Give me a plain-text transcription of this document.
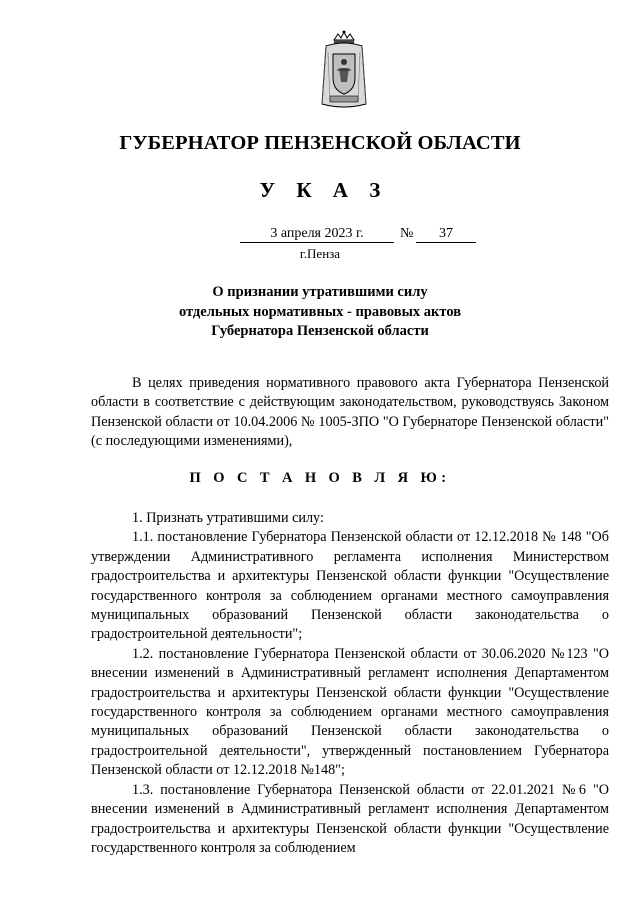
ГУБЕРНАТОР ПЕНЗЕНСКОЙ ОБЛАСТИ
У К А З
3 апреля 2023 г.	№	37
г.Пенза
О признании утратившими силу
отдельных нормативных - правовых актов
Губернатора Пензенской области
В целях приведения нормативного правового акта Губернатора Пензенской области в соответствие с действующим законодательством, руководствуясь Законом Пензенской области от 10.04.2006 № 1005-ЗПО "О Губернаторе Пензенской области" (с последующими изменениями),
П О С Т А Н О В Л Я Ю:

1. Признать утратившими силу:

1.1. постановление Губернатора Пензенской области от 12.12.2018 № 148 "Об утверждении Административного регламента исполнения Министерством градостроительства и архитектуры Пензенской области функции "Осуществление государственного контроля за соблюдением органами местного самоуправления муниципальных образований Пензенской области законодательства о градостроительной деятельности";

1.2. постановление Губернатора Пензенской области от 30.06.2020 №123 "О внесении изменений в Административный регламент исполнения Департаментом градостроительства и архитектуры Пензенской области функции "Осуществление государственного контроля за соблюдением органами местного самоуправления муниципальных образований Пензенской области законодательства о градостроительной деятельности", утвержденный постановлением Губернатора Пензенской области от 12.12.2018 №148";

1.3. постановление Губернатора Пензенской области от 22.01.2021 №6 "О внесении изменений в Административный регламент исполнения Департаментом градостроительства и архитектуры Пензенской области функции "Осуществление государственного контроля за соблюдением
